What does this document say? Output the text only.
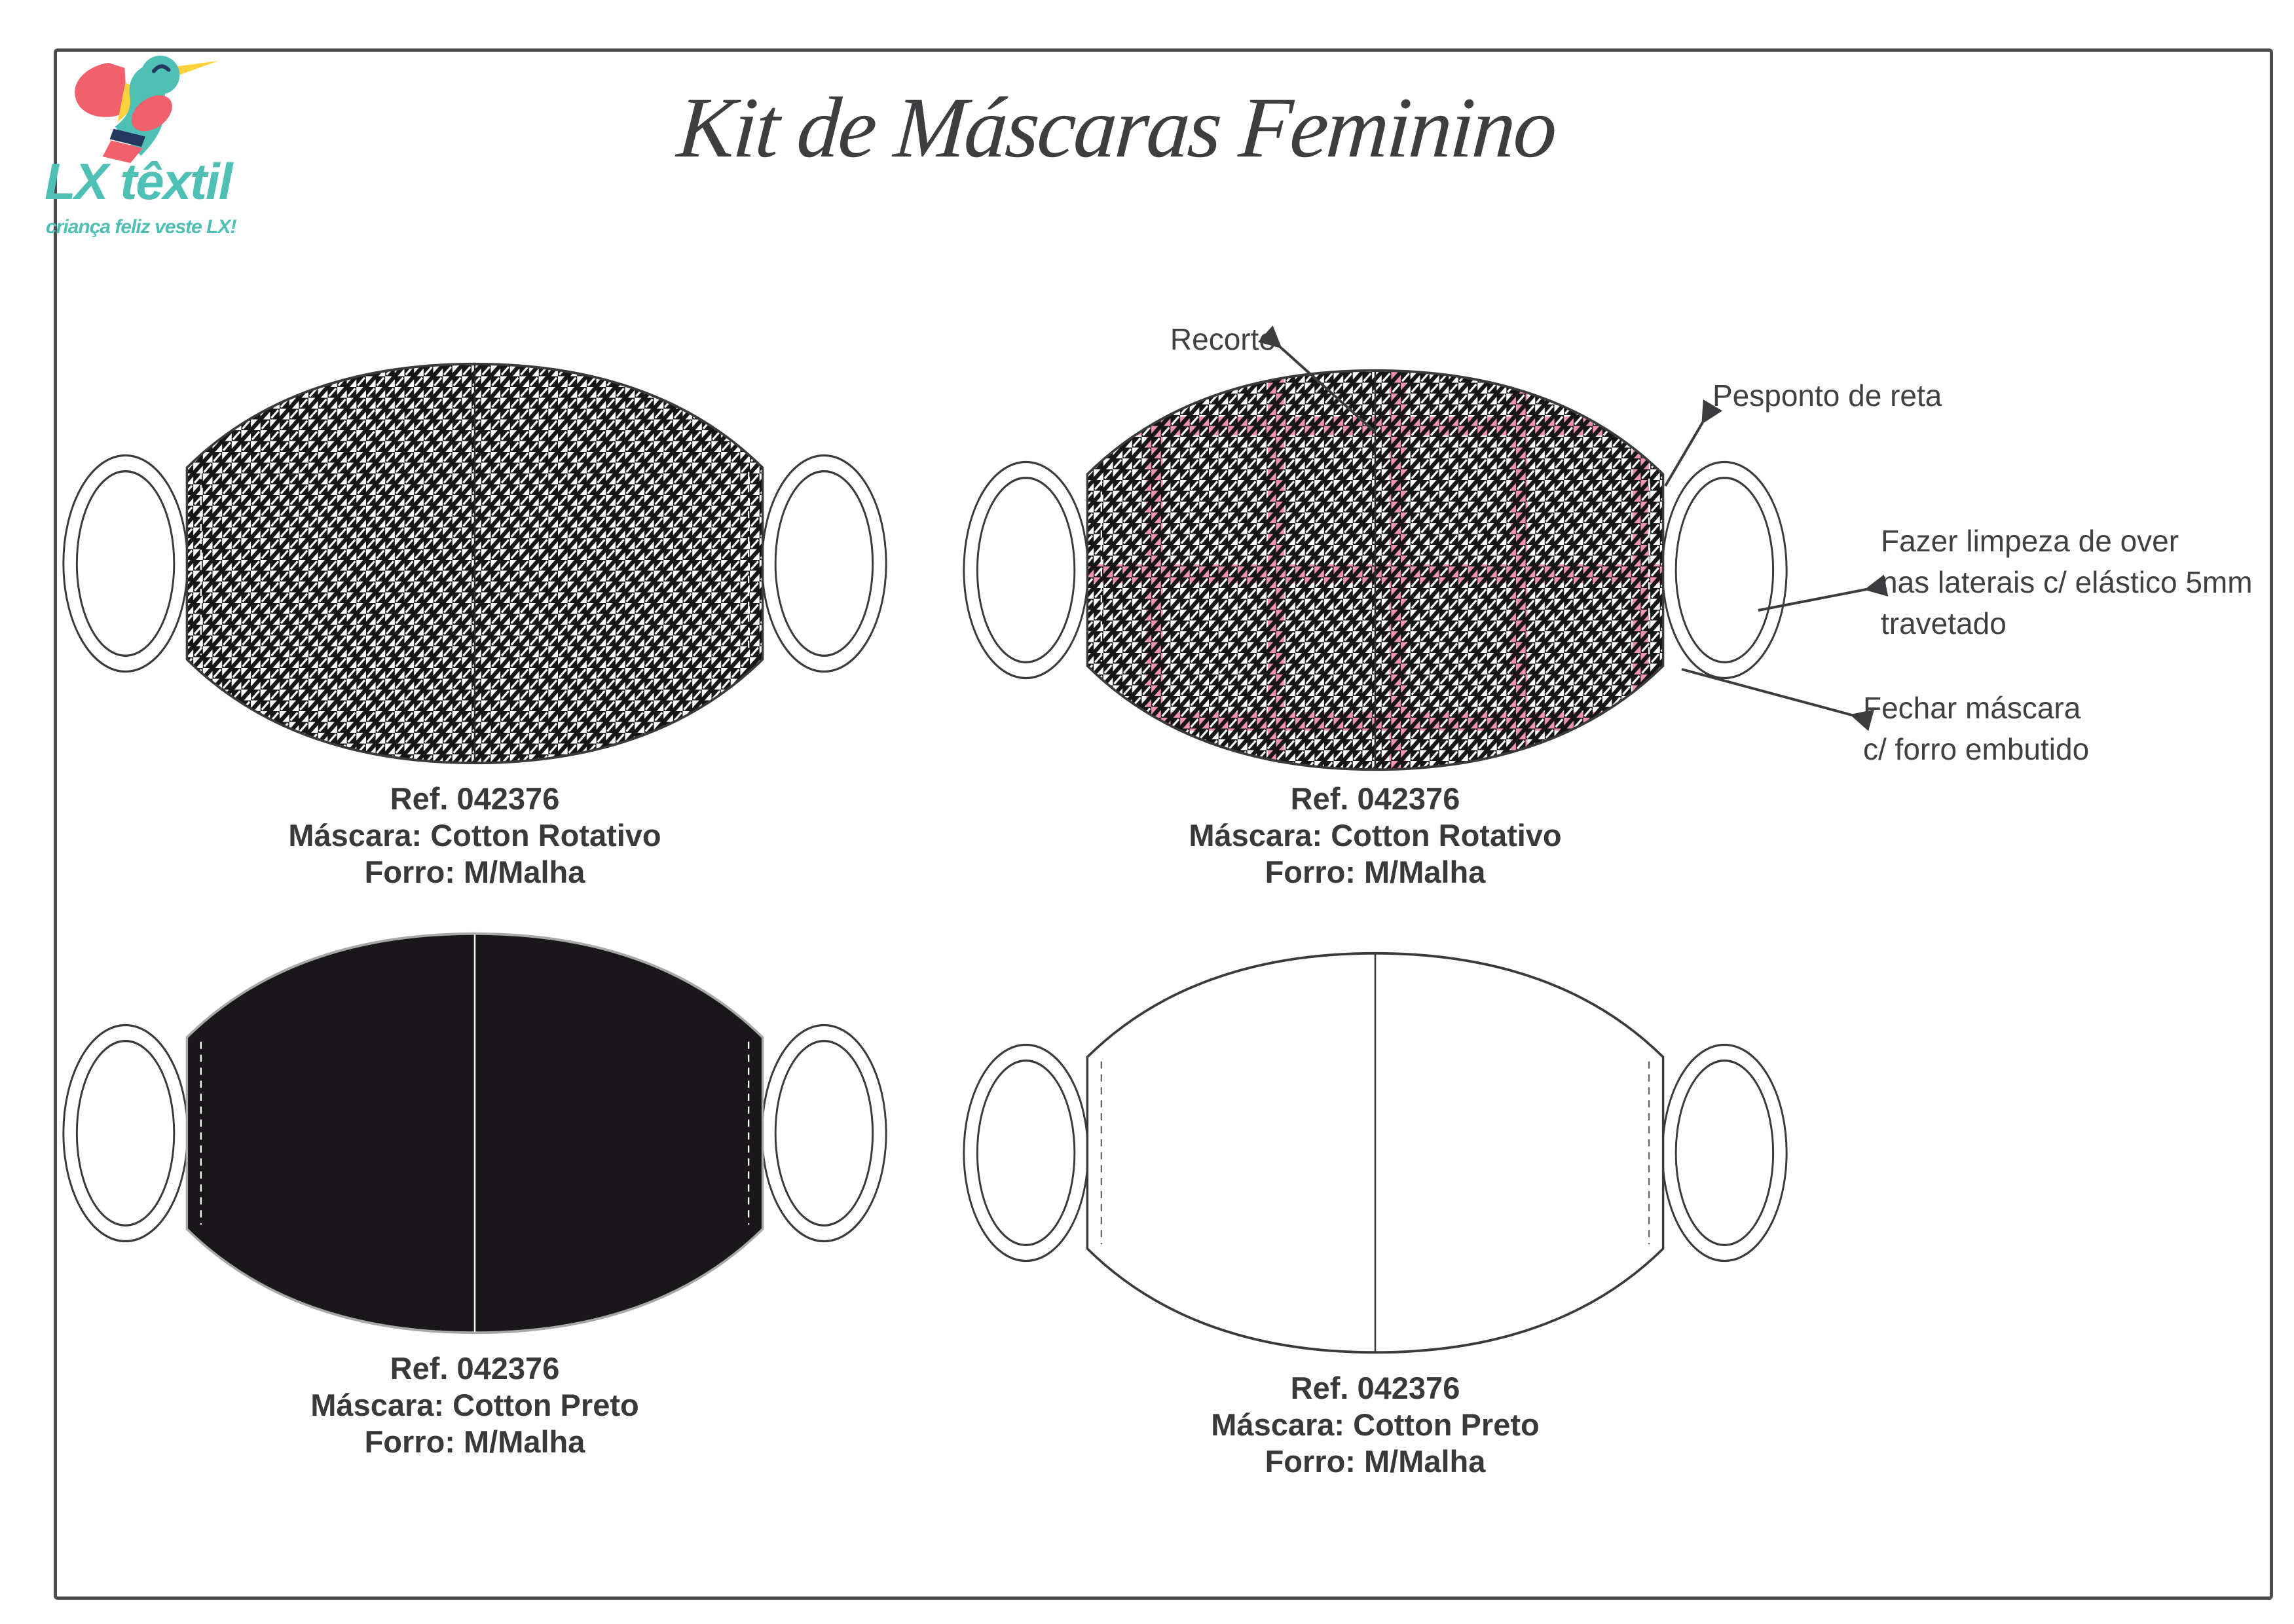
LX têxtil
criança feliz veste LX!
Kit de Máscaras Feminino
Ref. 042376
Máscara: Cotton Rotativo
Forro: M/Malha
Ref. 042376
Máscara: Cotton Rotativo
Forro: M/Malha
Ref. 042376
Máscara: Cotton Preto
Forro: M/Malha
Ref. 042376
Máscara: Cotton Preto
Forro: M/Malha
Recorte
Pesponto de reta
Fazer limpeza de over
nas laterais c/ elástico 5mm
travetado
Fechar máscara
c/ forro embutido
